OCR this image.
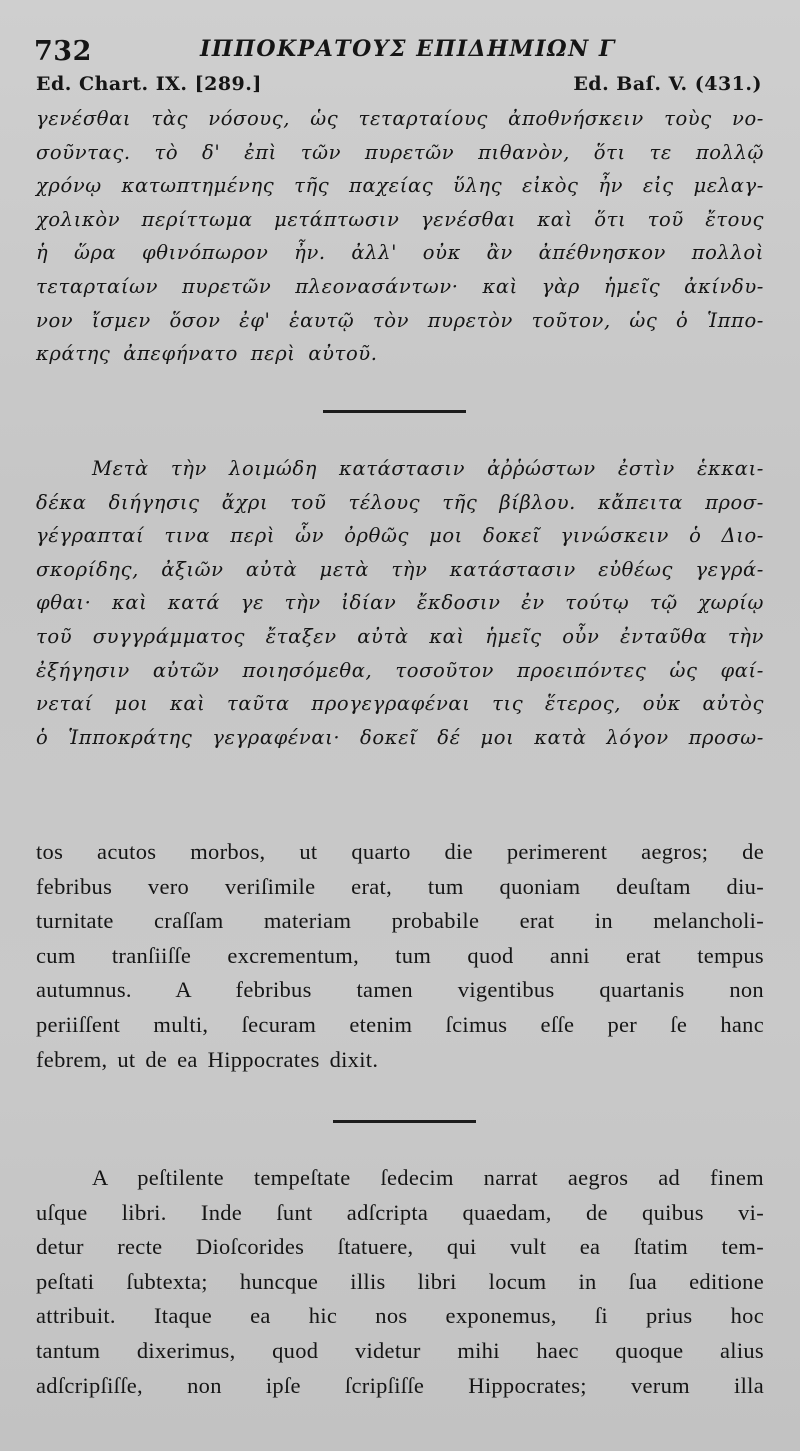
732	ΙΠΠΟΚΡΑΤΟΥΣ ΕΠΙΔΗΜΙΩΝ Γ
Ed. Chart. IX. [289.]	Ed. Baſ. V. (431.)
γενέσθαι τὰς νόσους, ὡς τεταρταίους ἀποθνήσκειν τοὺς νο-
σοῦντας. τὸ δ' ἐπὶ τῶν πυρετῶν πιθανὸν, ὅτι τε πολλῷ
χρόνῳ κατωπτημένης τῆς παχείας ὕλης εἰκὸς ἦν εἰς μελαγ-
χολικὸν περίττωμα μετάπτωσιν γενέσθαι καὶ ὅτι τοῦ ἔτους
ἡ ὥρα φθινόπωρον ἦν. ἀλλ' οὐκ ἂν ἀπέθνησκον πολλοὶ
τεταρταίων πυρετῶν πλεονασάντων· καὶ γὰρ ἡμεῖς ἀκίνδυ-
νον ἴσμεν ὅσον ἐφ' ἑαυτῷ τὸν πυρετὸν τοῦτον, ὡς ὁ Ἱππο-
κράτης ἀπεφήνατο περὶ αὐτοῦ.
Μετὰ τὴν λοιμώδη κατάστασιν ἀῤῥώστων ἐστὶν ἑκκαι-
δέκα διήγησις ἄχρι τοῦ τέλους τῆς βίβλου. κἄπειτα προσ-
γέγραπταί τινα περὶ ὧν ὀρθῶς μοι δοκεῖ γινώσκειν ὁ Διο-
σκορίδης, ἀξιῶν αὐτὰ μετὰ τὴν κατάστασιν εὐθέως γεγρά-
φθαι· καὶ κατά γε τὴν ἰδίαν ἔκδοσιν ἐν τούτῳ τῷ χωρίῳ
τοῦ συγγράμματος ἔταξεν αὐτὰ καὶ ἡμεῖς οὖν ἐνταῦθα τὴν
ἐξήγησιν αὐτῶν ποιησόμεθα, τοσοῦτον προειπόντες ὡς φαί-
νεταί μοι καὶ ταῦτα προγεγραφέναι τις ἕτερος, οὐκ αὐτὸς
ὁ Ἱπποκράτης γεγραφέναι· δοκεῖ δέ μοι κατὰ λόγον προσω-
tos acutos morbos, ut quarto die perimerent aegros; de
febribus vero veriſimile erat, tum quoniam deuſtam diu-
turnitate craſſam materiam probabile erat in melancholi-
cum tranſiiſſe excrementum, tum quod anni erat tempus
autumnus. A febribus tamen vigentibus quartanis non
periiſſent multi, ſecuram etenim ſcimus eſſe per ſe hanc
febrem, ut de ea Hippocrates dixit.
A peſtilente tempeſtate ſedecim narrat aegros ad finem
uſque libri. Inde ſunt adſcripta quaedam, de quibus vi-
detur recte Dioſcorides ſtatuere, qui vult ea ſtatim tem-
peſtati ſubtexta; huncque illis libri locum in ſua editione
attribuit. Itaque ea hic nos exponemus, ſi prius hoc
tantum dixerimus, quod videtur mihi haec quoque alius
adſcripſiſſe, non ipſe ſcripſiſſe Hippocrates; verum illa
